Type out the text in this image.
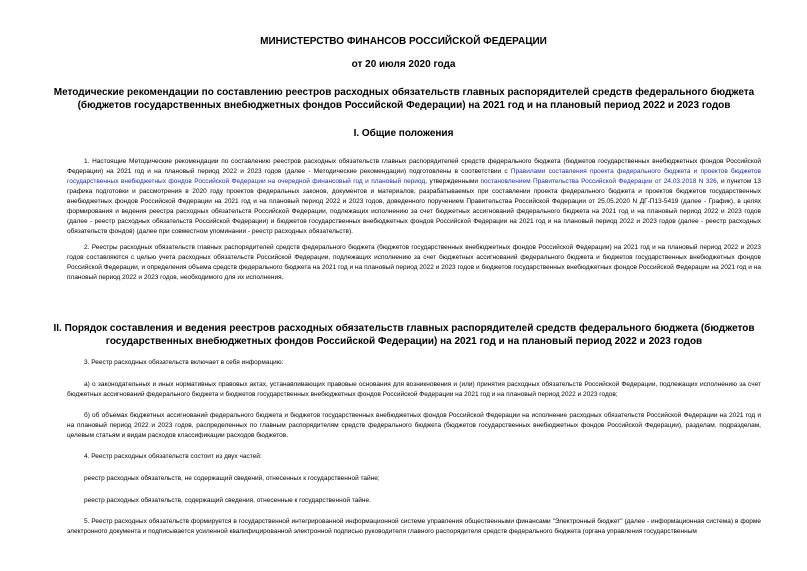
МИНИСТЕРСТВО ФИНАНСОВ РОССИЙСКОЙ ФЕДЕРАЦИИ
от 20 июля 2020 года
Методические рекомендации по составлению реестров расходных обязательств главных распорядителей средств федерального бюджета (бюджетов государственных внебюджетных фондов Российской Федерации) на 2021 год и на плановый период 2022 и 2023 годов
I. Общие положения

1. Настоящие Методические рекомендации по составлению реестров расходных обязательств главных распорядителей средств федерального бюджета (бюджетов государственных внебюджетных фондов Российской Федерации) на 2021 год и на плановый период 2022 и 2023 годов (далее - Методические рекомендации) подготовлены в соответствии с Правилами составления проекта федерального бюджета и проектов бюджетов государственных внебюджетных фондов Российской Федерации на очередной финансовый год и плановый период, утвержденными постановлением Правительства Российской Федерации от 24.03.2018 N 326, и пунктом 13 графика подготовки и рассмотрения в 2020 году проектов федеральных законов, документов и материалов, разрабатываемых при составлении проекта федерального бюджета и проектов бюджетов государственных внебюджетных фондов Российской Федерации на 2021 год и на плановый период 2022 и 2023 годов, доведенного поручением Правительства Российской Федерации от 25.05.2020 N ДГ-П13-5419 (далее - График), в целях формирования и ведения реестра расходных обязательств Российской Федерации, подлежащих исполнению за счет бюджетных ассигнований федерального бюджета на 2021 год и на плановый период 2022 и 2023 годов (далее - реестр расходных обязательств Российской Федерации) и бюджетов государственных внебюджетных фондов Российской Федерации на 2021 год и на плановый период 2022 и 2023 годов (далее - реестр расходных обязательств фондов) (далее при совместном упоминании - реестр расходных обязательств).

2. Реестры расходных обязательств главных распорядителей средств федерального бюджета (бюджетов государственных внебюджетных фондов Российской Федерации) на 2021 год и на плановый период 2022 и 2023 годов составляются с целью учета расходных обязательств Российской Федерации, подлежащих исполнению за счет бюджетных ассигнований федерального бюджета и бюджетов государственных внебюджетных фондов Российской Федерации, и определения объема средств федерального бюджета на 2021 год и на плановый период 2022 и 2023 годов и бюджетов государственных внебюджетных фондов Российской Федерации на 2021 год и на плановый период 2022 и 2023 годов, необходимого для их исполнения.

II. Порядок составления и ведения реестров расходных обязательств главных распорядителей средств федерального бюджета (бюджетов государственных внебюджетных фондов Российской Федерации) на 2021 год и на плановый период 2022 и 2023 годов

3. Реестр расходных обязательств включает в себя информацию:

а) о законодательных и иных нормативных правовых актах, устанавливающих правовые основания для возникновения и (или) принятия расходных обязательств Российской Федерации, подлежащих исполнению за счет бюджетных ассигнований федерального бюджета и бюджетов государственных внебюджетных фондов Российской Федерации на 2021 год и на плановый период 2022 и 2023 годов;

б) об объемах бюджетных ассигнований федерального бюджета и бюджетов государственных внебюджетных фондов Российской Федерации на исполнение расходных обязательств Российской Федерации на 2021 год и на плановый период 2022 и 2023 годов, распределенных по главным распорядителям средств федерального бюджета (бюджетов государственных внебюджетных фондов Российской Федерации), разделам, подразделам, целевым статьям и видам расходов классификации расходов бюджетов.

4. Реестр расходных обязательств состоит из двух частей:

реестр расходных обязательств, не содержащий сведений, отнесенных к государственной тайне;

реестр расходных обязательств, содержащий сведения, отнесенные к государственной тайне.

5. Реестр расходных обязательств формируется в государственной интегрированной информационной системе управления общественными финансами "Электронный бюджет" (далее - информационная система) в форме электронного документа и подписывается усиленной квалифицированной электронной подписью руководителя главного распорядителя средств федерального бюджета (органа управления государственным
